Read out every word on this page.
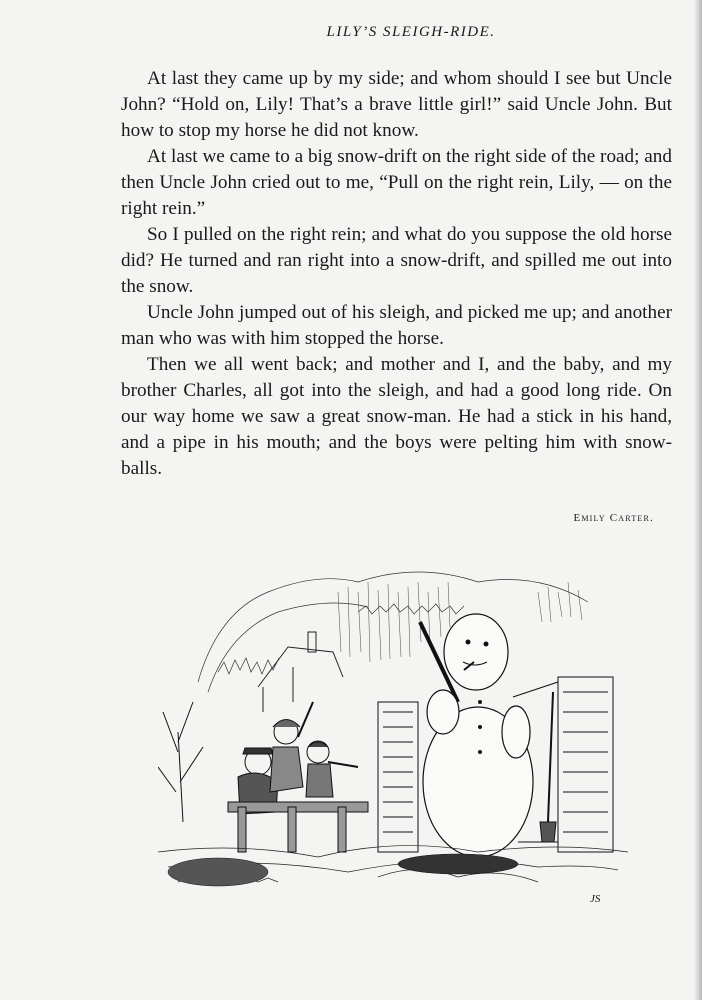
LILY’S SLEIGH-RIDE.

At last they came up by my side; and whom should I see but Uncle John? “Hold on, Lily! That’s a brave little girl!” said Uncle John. But how to stop my horse he did not know.

At last we came to a big snow-drift on the right side of the road; and then Uncle John cried out to me, “Pull on the right rein, Lily, — on the right rein.”

So I pulled on the right rein; and what do you suppose the old horse did? He turned and ran right into a snow-drift, and spilled me out into the snow.

Uncle John jumped out of his sleigh, and picked me up; and another man who was with him stopped the horse.

Then we all went back; and mother and I, and the baby, and my brother Charles, all got into the sleigh, and had a good long ride. On our way home we saw a great snow-man. He had a stick in his hand, and a pipe in his mouth; and the boys were pelting him with snow-balls.

Emily Carter.
JS
